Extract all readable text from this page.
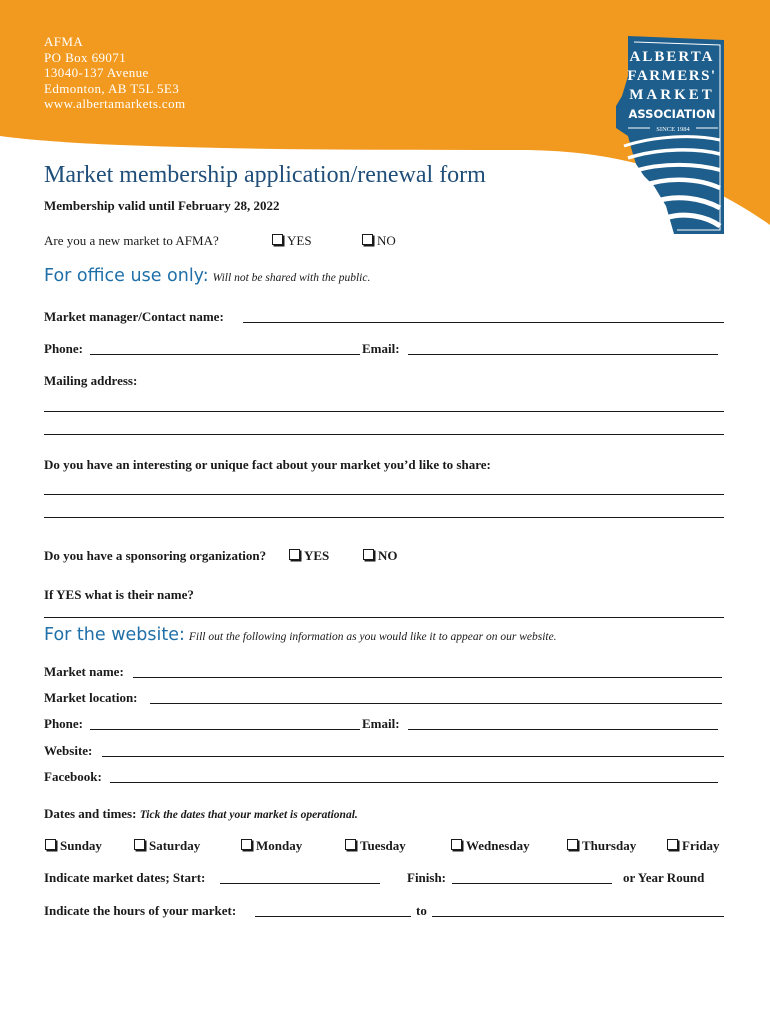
AFMA
PO Box 69071
13040-137 Avenue
Edmonton, AB T5L 5E3
www.albertamarkets.com
ALBERTA
FARMERS'
MARKET
ASSOCIATION
SINCE 1984
Market membership application/renewal form
Membership valid until February 28, 2022
Are you a new market to AFMA?	YES	NO
For office use only: Will not be shared with the public.
Market manager/Contact name:
Phone:	Email:
Mailing address:
Do you have an interesting or unique fact about your market you’d like to share:
Do you have a sponsoring organization?	YES	NO
If YES what is their name?
For the website: Fill out the following information as you would like it to appear on our website.
Market name:
Market location:
Phone:	Email:
Website:
Facebook:
Dates and times: Tick the dates that your market is operational.
Sunday	Saturday	Monday	Tuesday	Wednesday	Thursday	Friday
Indicate market dates; Start:	Finish:	or Year Round
Indicate the hours of your market:	to
